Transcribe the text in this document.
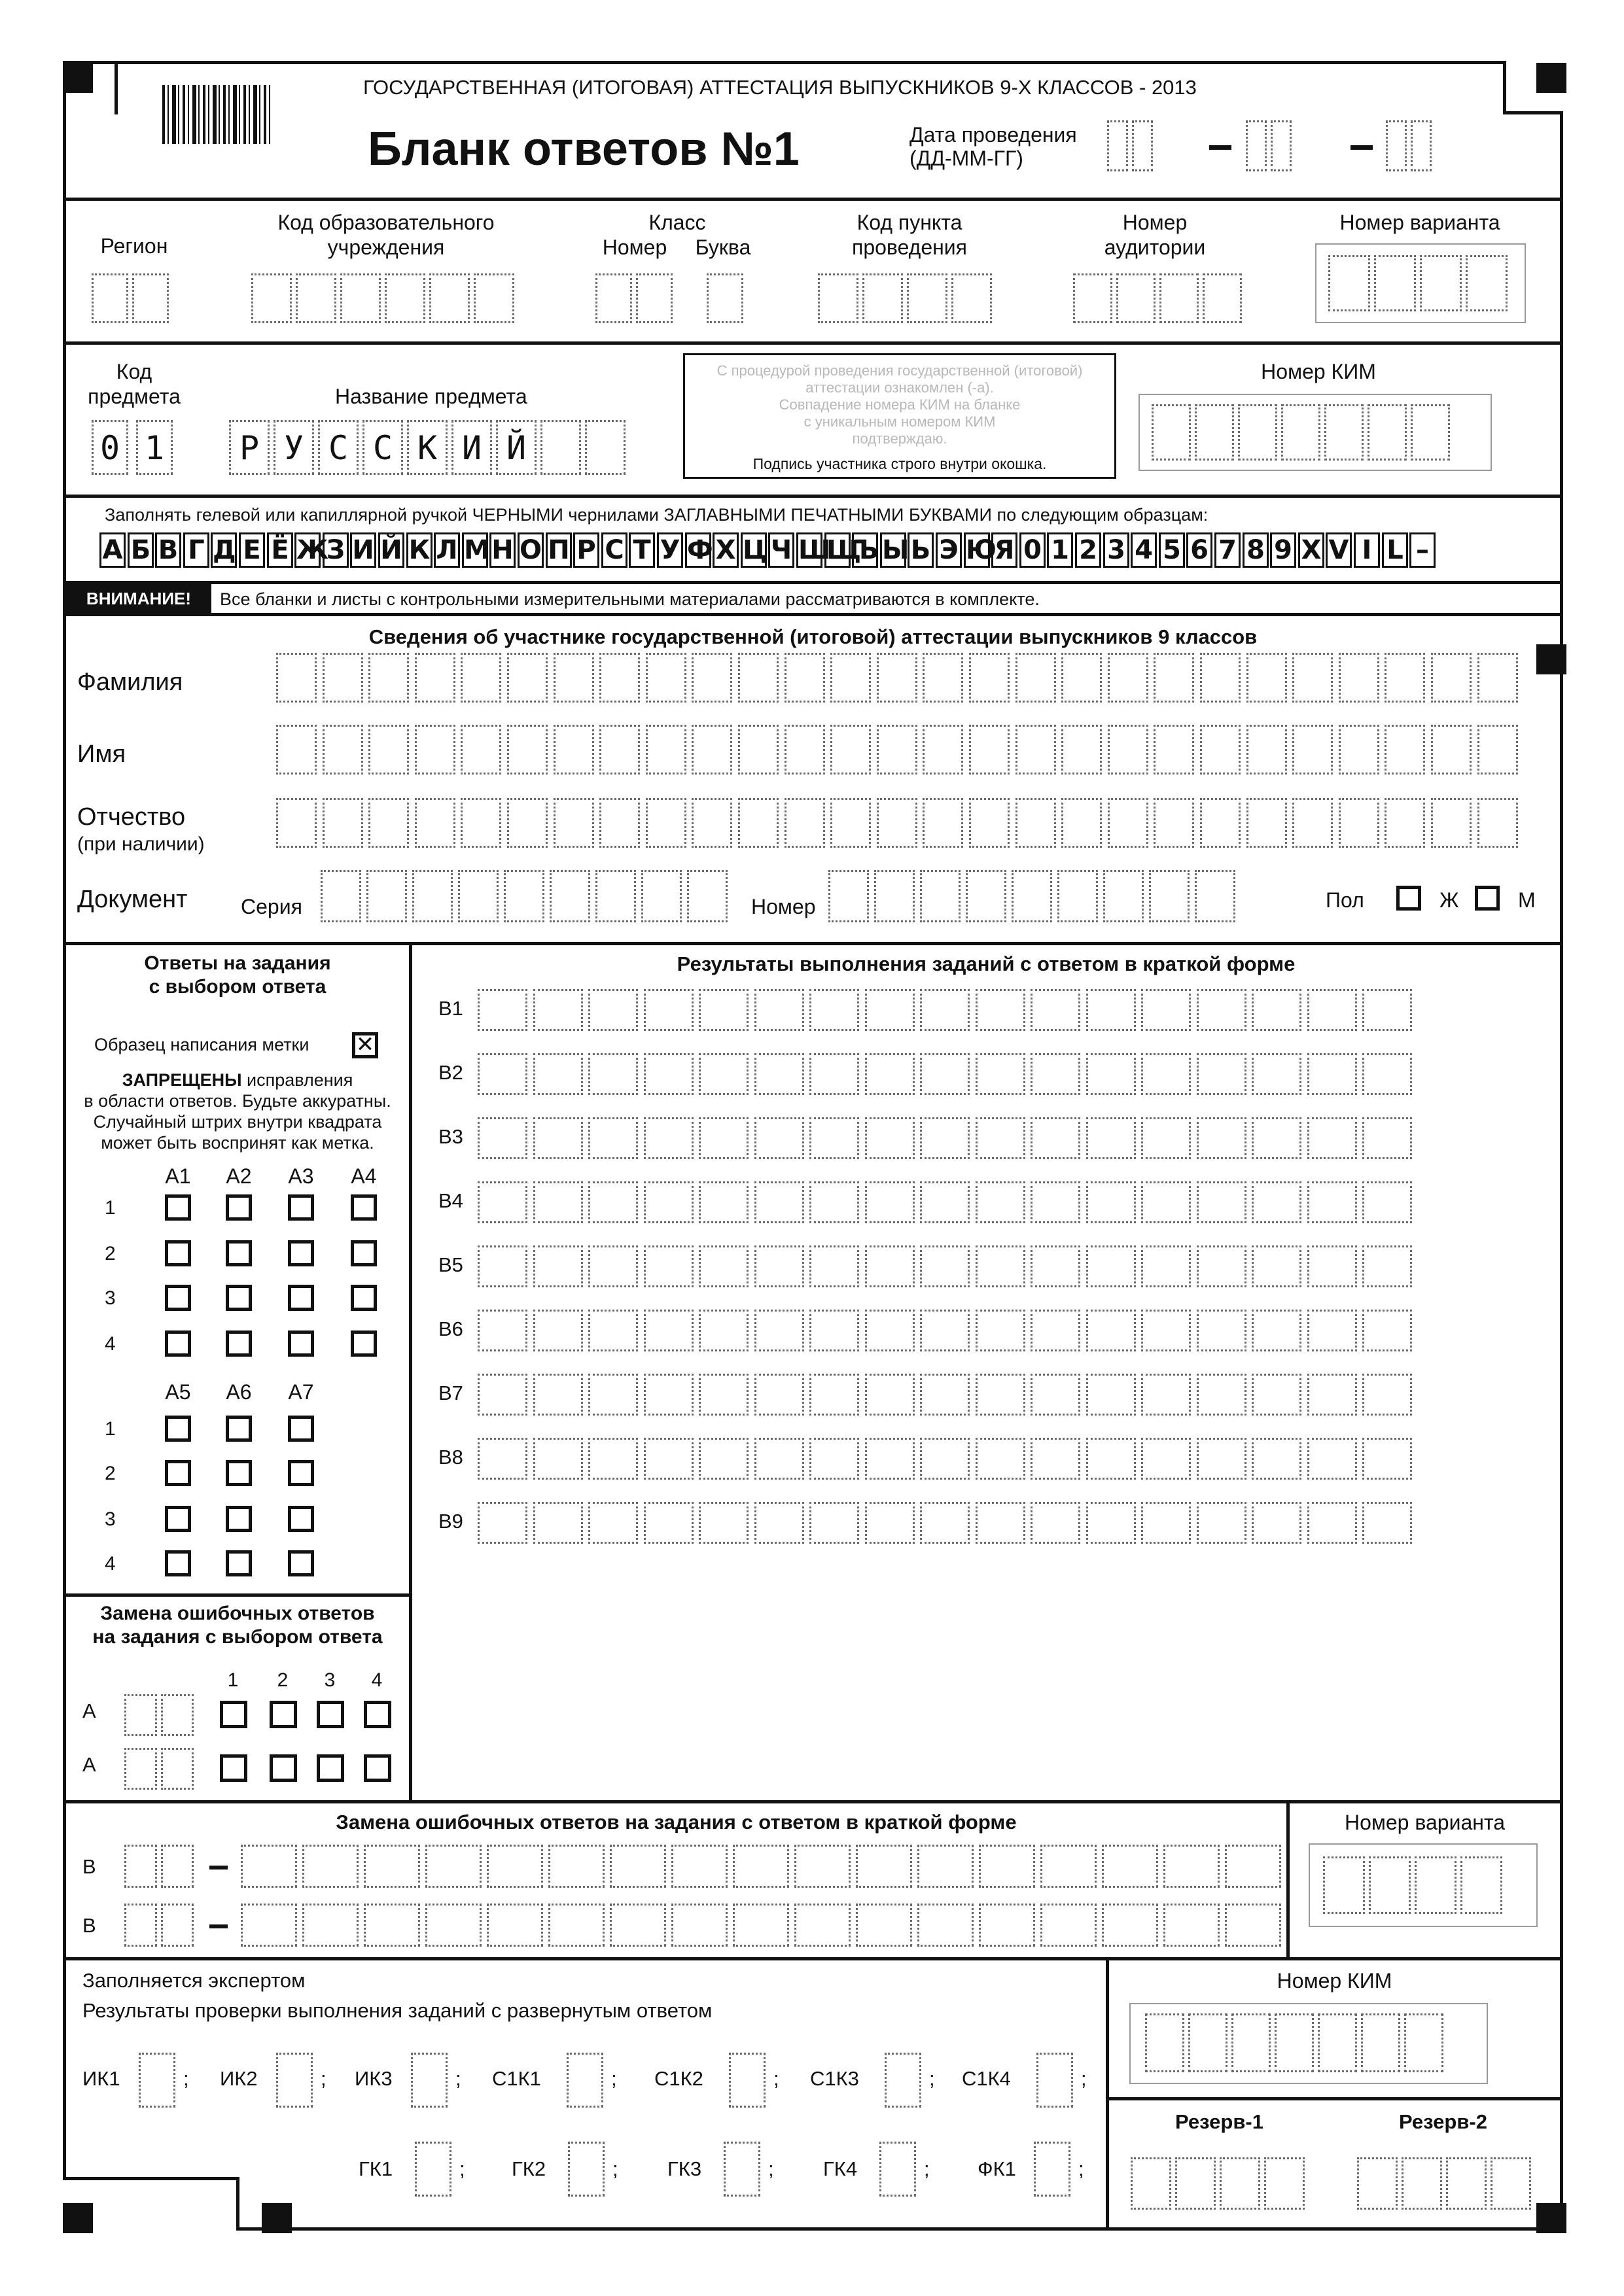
ГОСУДАРСТВЕННАЯ (ИТОГОВАЯ) АТТЕСТАЦИЯ ВЫПУСКНИКОВ 9-Х КЛАССОВ - 2013
Бланк ответов №1	Дата проведения
(ДД-ММ-ГГ)
Регион
Код образовательного
учреждения
Класс
Номер	Буква
Код пункта
проведения
Номер
аудитории
Номер варианта
Код
предмета	Название предмета
0 1	Р У С С К И Й
С процедурой проведения государственной (итоговой)
аттестации ознакомлен (-а).
Совпадение номера КИМ на бланке
с уникальным номером КИМ
подтверждаю.
Подпись участника строго внутри окошка.
Номер КИМ
Заполнять гелевой или капиллярной ручкой ЧЕРНЫМИ чернилами ЗАГЛАВНЫМИ ПЕЧАТНЫМИ БУКВАМИ по следующим образцам:
А Б В Г Д Е Ё Ж
З И Й К Л М Н О П Р С Т У Ф Х Ц Ч Ш
Щ
Ъ Ы Ь Э Ю
Я 0 1 2 3 4 5 6 7 8 9 X V I L –
ВНИМАНИЕ!	Все бланки и листы с контрольными измерительными материалами рассматриваются в комплекте.
Сведения об участнике государственной (итоговой) аттестации выпускников 9 классов
Фамилия
Имя
Отчество
(при наличии)
Документ	Серия	Номер	Пол	Ж	М
Ответы на задания
с выбором ответа
Образец написания метки ✕
ЗАПРЕЩЕНЫ исправления
в области ответов. Будьте аккуратны.
Случайный штрих внутри квадрата
может быть воспринят как метка.
А1	А2	А3	А4
1
2
3
4
А5	А6	А7
1
2
3
4
Замена ошибочных ответов
на задания с выбором ответа
1	2	3	4
А
А
Результаты выполнения заданий с ответом в краткой форме
В1
В2
В3
В4
В5
В6
В7
В8
В9
Замена ошибочных ответов на задания с ответом в краткой форме
В
В
Номер варианта
Заполняется экспертом
Результаты проверки выполнения заданий с развернутым ответом
ИК1	; ИК2	; ИК3	; С1К1	; С1К2	; С1К3	; С1К4	;
ГК1	; ГК2	; ГК3	; ГК4	; ФК1	;
Номер КИМ
Резерв-1	Резерв-2
